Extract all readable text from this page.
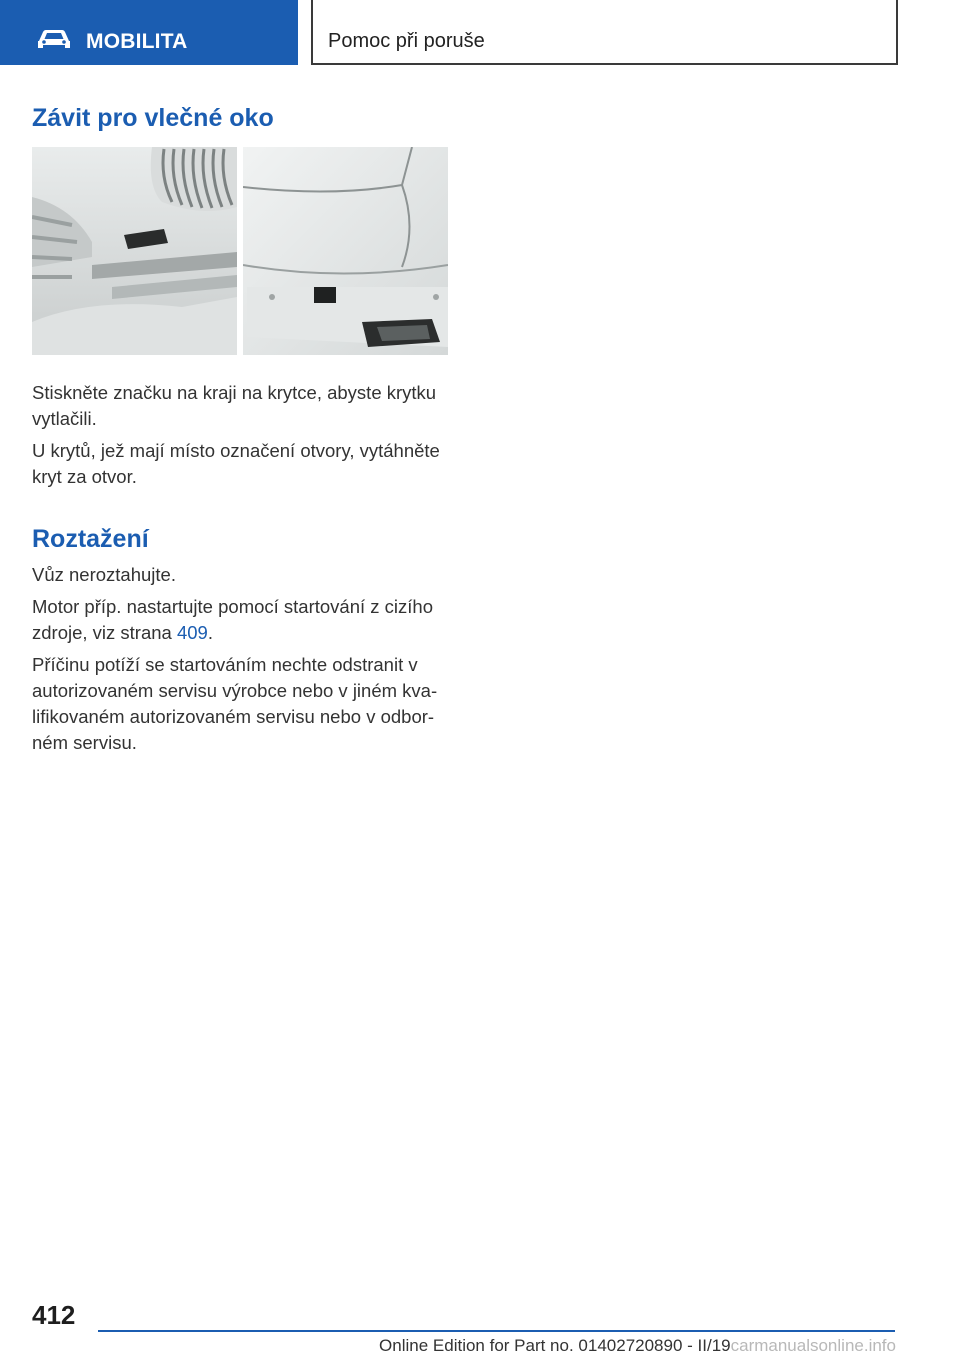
MOBILITA	Pomoc při poruše
Závit pro vlečné oko

Stiskněte značku na kraji na krytce, abyste krytku vytlačili.

U krytů, jež mají místo označení otvory, vytáhněte kryt za otvor.

Roztažení

Vůz neroztahujte.

Motor příp. nastartujte pomocí startování z cizího zdroje, viz strana 409.

Příčinu potíží se startováním nechte odstranit v autorizovaném servisu výrobce nebo v jiném kva-lifikovaném autorizovaném servisu nebo v odbor-ném servisu.

412
Online Edition for Part no. 01402720890 - II/19carmanualsonline.info
